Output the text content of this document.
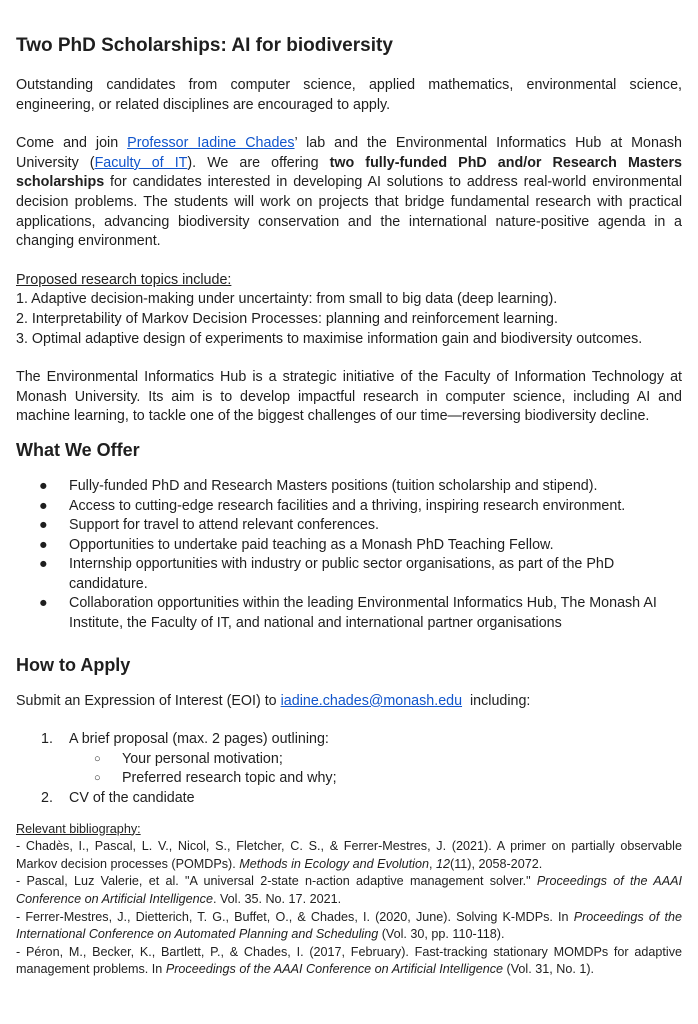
Two PhD Scholarships: AI for biodiversity

Outstanding candidates from computer science, applied mathematics, environmental science, engineering, or related disciplines are encouraged to apply.

Come and join Professor Iadine Chades’ lab and the Environmental Informatics Hub at Monash University (Faculty of IT). We are offering two fully-funded PhD and/or Research Masters scholarships for candidates interested in developing AI solutions to address real-world environmental decision problems. The students will work on projects that bridge fundamental research with practical applications, advancing biodiversity conservation and the international nature-positive agenda in a changing environment.

Proposed research topics include:
1. Adaptive decision-making under uncertainty: from small to big data (deep learning).
2. Interpretability of Markov Decision Processes: planning and reinforcement learning.
3. Optimal adaptive design of experiments to maximise information gain and biodiversity outcomes.

The Environmental Informatics Hub is a strategic initiative of the Faculty of Information Technology at Monash University. Its aim is to develop impactful research in computer science, including AI and machine learning, to tackle one of the biggest challenges of our time—reversing biodiversity decline.

What We Offer
● Fully-funded PhD and Research Masters positions (tuition scholarship and stipend).
● Access to cutting-edge research facilities and a thriving, inspiring research environment.
● Support for travel to attend relevant conferences.
● Opportunities to undertake paid teaching as a Monash PhD Teaching Fellow.
● Internship opportunities with industry or public sector organisations, as part of the PhD candidature.
● Collaboration opportunities within the leading Environmental Informatics Hub, The Monash AI Institute, the Faculty of IT, and national and international partner organisations
How to Apply
Submit an Expression of Interest (EOI) to iadine.chades@monash.edu  including:
1. A brief proposal (max. 2 pages) outlining:
○ Your personal motivation;
○ Preferred research topic and why;
2. CV of the candidate
Relevant bibliography:
- Chadès, I., Pascal, L. V., Nicol, S., Fletcher, C. S., & Ferrer-Mestres, J. (2021). A primer on partially observable Markov decision processes (POMDPs). Methods in Ecology and Evolution, 12(11), 2058-2072.
- Pascal, Luz Valerie, et al. "A universal 2-state n-action adaptive management solver." Proceedings of the AAAI Conference on Artificial Intelligence. Vol. 35. No. 17. 2021.
- Ferrer-Mestres, J., Dietterich, T. G., Buffet, O., & Chades, I. (2020, June). Solving K-MDPs. In Proceedings of the International Conference on Automated Planning and Scheduling (Vol. 30, pp. 110-118).
- Péron, M., Becker, K., Bartlett, P., & Chades, I. (2017, February). Fast-tracking stationary MOMDPs for adaptive management problems. In Proceedings of the AAAI Conference on Artificial Intelligence (Vol. 31, No. 1).
